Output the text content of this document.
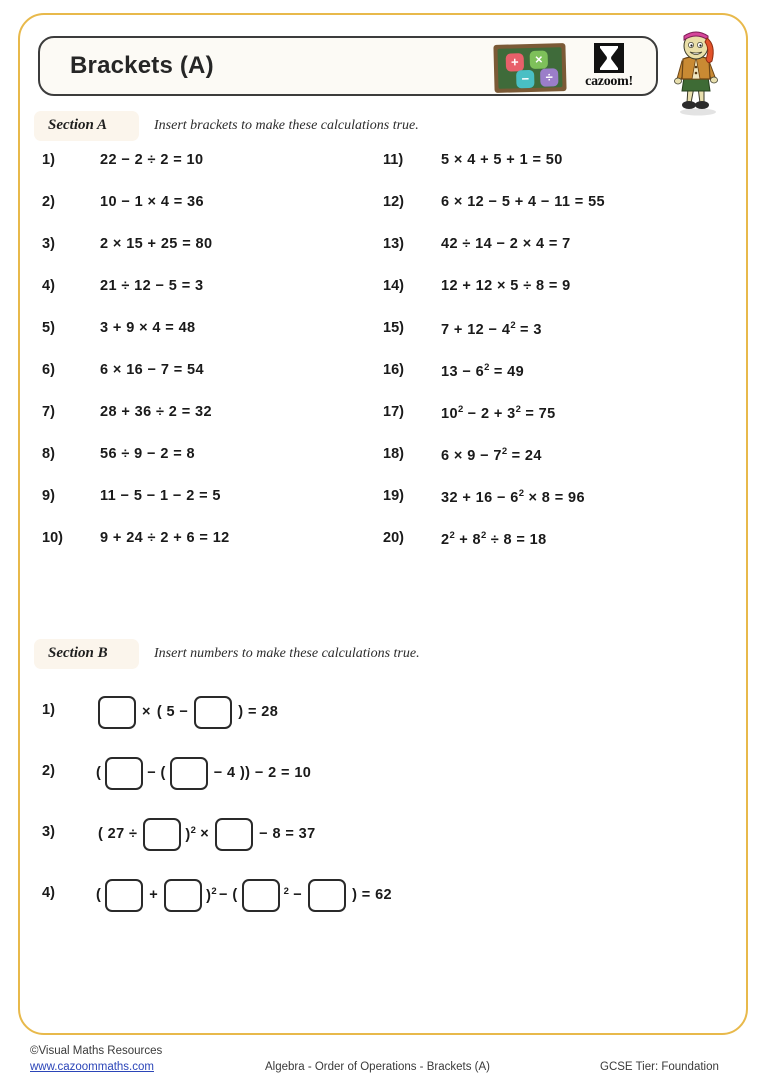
Brackets (A)	+	×
−	÷	cazoom!
Section A	Insert brackets to make these calculations true.
1)	22 − 2 ÷ 2 = 10	11)	5 × 4 + 5 + 1 = 50
2)	10 − 1 × 4 = 36	12)	6 × 12 − 5 + 4 − 11 = 55
3)	2 × 15 + 25 = 80	13)	42 ÷ 14 − 2 × 4 = 7
4)	21 ÷ 12 − 5 = 3	14)	12 + 12 × 5 ÷ 8 = 9
5)	3 + 9 × 4 = 48	15)	$7 + 12 - 4^2 = 3$
6)	6 × 16 − 7 = 54	16)	$13 - 6^2 = 49$
7)	28 + 36 ÷ 2 = 32	17)	$10^2 - 2 + 3^2 = 75$
8)	56 ÷ 9 − 2 = 8	18)	$6 \times 9 - 7^2 = 24$
9)	11 − 5 − 1 − 2 = 5	19)	$32 + 16 - 6^2 \times 8 = 96$
10)	9 + 24 ÷ 2 + 6 = 12	20)	$2^2 + 8^2 \div 8 = 18$
Section B	Insert numbers to make these calculations true.
1)	× ( 5 −	) = 28
2)	(	− (	− 4 )) − 2 = 10
3)	( 27 ÷	)$^2$ ×	− 8 = 37
4)	(	+	)$^2$ − (	$^2$ −	) = 62
©Visual Maths Resources
www.cazoommaths.com	Algebra - Order of Operations - Brackets (A)	GCSE Tier: Foundation
